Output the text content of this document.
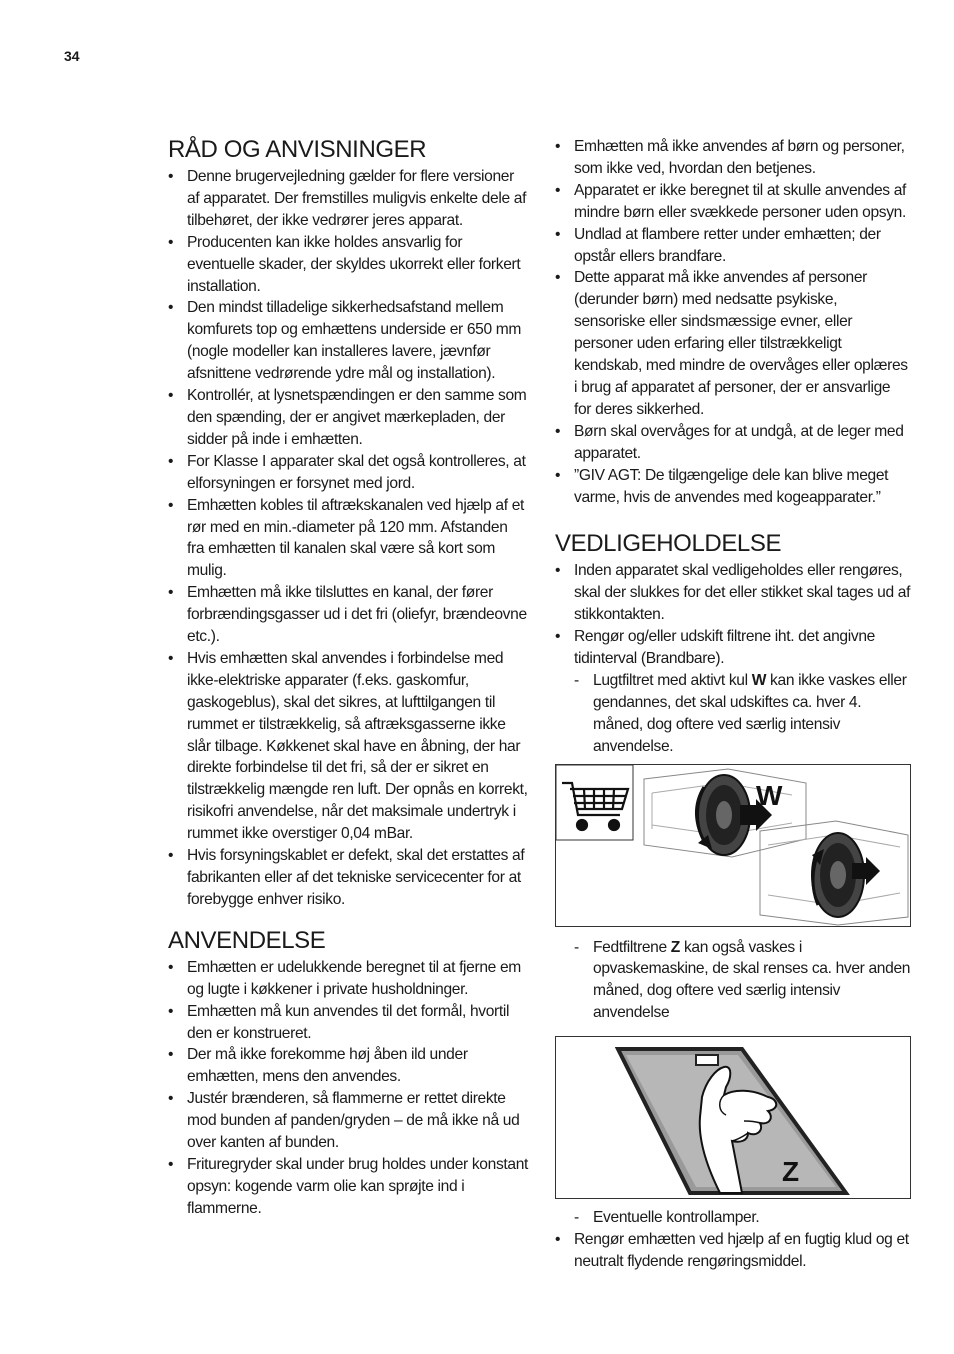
34
RÅD OG ANVISNINGER
• Denne brugervejledning gælder for flere versioner af apparatet. Der fremstilles muligvis enkelte dele af tilbehøret, der ikke vedrører jeres apparat.
• Producenten kan ikke holdes ansvarlig for eventuelle skader, der skyldes ukorrekt eller forkert installation.
• Den mindst tilladelige sikkerhedsafstand mellem komfurets top og emhættens underside er 650 mm (nogle modeller kan installeres lavere, jævnfør afsnittene vedrørende ydre mål og installation).
• Kontrollér, at lysnetspændingen er den samme som den spænding, der er angivet mærkepladen, der sidder på inde i emhætten.
• For Klasse I apparater skal det også kontrolleres, at elforsyningen er forsynet med jord.
• Emhætten kobles til aftrækskanalen ved hjælp af et rør med en min.-diameter på 120 mm. Afstanden fra emhætten til kanalen skal være så kort som mulig.
• Emhætten må ikke tilsluttes en kanal, der fører forbrændingsgasser ud i det fri (oliefyr, brændeovne etc.).
• Hvis emhætten skal anvendes i forbindelse med ikke-elektriske apparater (f.eks. gaskomfur, gaskogeblus), skal det sikres, at lufttilgangen til rummet er tilstrækkelig, så aftræksgasserne ikke slår tilbage. Køkkenet skal have en åbning, der har direkte forbindelse til det fri, så der er sikret en tilstrækkelig mængde ren luft. Der opnås en korrekt, risikofri anvendelse, når det maksimale undertryk i rummet ikke overstiger 0,04 mBar.
• Hvis forsyningskablet er defekt, skal det erstattes af fabrikanten eller af det tekniske servicecenter for at forebygge enhver risiko.
ANVENDELSE
• Emhætten er udelukkende beregnet til at fjerne em og lugte i køkkener i private husholdninger.
• Emhætten må kun anvendes til det formål, hvortil den er konstrueret.
• Der må ikke forekomme høj åben ild under emhætten, mens den anvendes.
• Justér brænderen, så flammerne er rettet direkte mod bunden af panden/gryden – de må ikke nå ud over kanten af bunden.
• Frituregryder skal under brug holdes under konstant opsyn: kogende varm olie kan sprøjte ind i flammerne.
• Emhætten må ikke anvendes af børn og personer, som ikke ved, hvordan den betjenes.
• Apparatet er ikke beregnet til at skulle anvendes af mindre børn eller svækkede personer uden opsyn.
• Undlad at flambere retter under emhætten; der opstår ellers brandfare.
• Dette apparat må ikke anvendes af personer (derunder børn) med nedsatte psykiske, sensoriske eller sindsmæssige evner, eller personer uden erfaring eller tilstrækkeligt kendskab, med mindre de overvåges eller oplæres i brug af apparatet af personer, der er ansvarlige for deres sikkerhed.
• Børn skal overvåges for at undgå, at de leger med apparatet.
• ”GIV AGT: De tilgængelige dele kan blive meget varme, hvis de anvendes med kogeapparater.”
VEDLIGEHOLDELSE
• Inden apparatet skal vedligeholdes eller rengøres, skal der slukkes for det eller stikket skal tages ud af stikkontakten.
• Rengør og/eller udskift filtrene iht. det angivne tidinterval (Brandbare).
- Lugtfiltret med aktivt kul W kan ikke vaskes eller gendannes, det skal udskiftes ca. hver 4. måned, dog oftere ved særlig intensiv anvendelse.
W
- Fedtfiltrene Z kan også vaskes i opvaskemaskine, de skal renses ca. hver anden måned, dog oftere ved særlig intensiv anvendelse
Z
- Eventuelle kontrollamper.
• Rengør emhætten ved hjælp af en fugtig klud og et neutralt flydende rengøringsmiddel.
